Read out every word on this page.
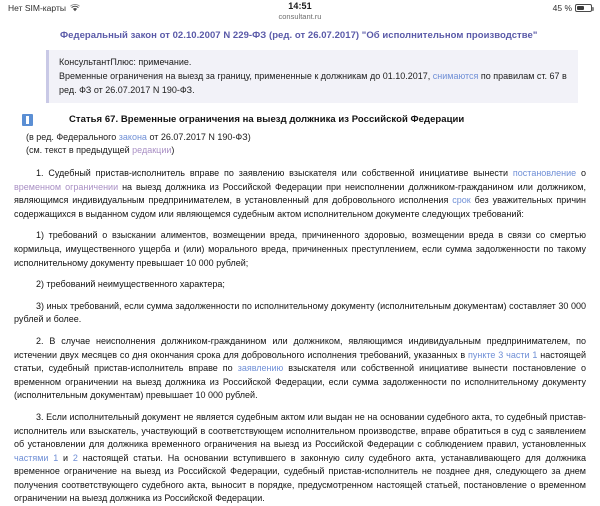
Нет SIM-карты	14:51
consultant.ru
45 %
Федеральный закон от 02.10.2007 N 229-ФЗ (ред. от 26.07.2017) "Об исполнительном производстве"

КонсультантПлюс: примечание.

Временные ограничения на выезд за границу, примененные к должникам до 01.10.2017, снимаются по правилам ст. 67 в ред. ФЗ от 26.07.2017 N 190-ФЗ.

Статья 67. Временные ограничения на выезд должника из Российской Федерации
(в ред. Федерального закона от 26.07.2017 N 190-ФЗ)
(см. текст в предыдущей редакции)

1. Судебный пристав-исполнитель вправе по заявлению взыскателя или собственной инициативе вынести постановление о временном ограничении на выезд должника из Российской Федерации при неисполнении должником-гражданином или должником, являющимся индивидуальным предпринимателем, в установленный для добровольного исполнения срок без уважительных причин содержащихся в выданном судом или являющемся судебным актом исполнительном документе следующих требований:

1) требований о взыскании алиментов, возмещении вреда, причиненного здоровью, возмещении вреда в связи со смертью кормильца, имущественного ущерба и (или) морального вреда, причиненных преступлением, если сумма задолженности по такому исполнительному документу превышает 10 000 рублей;

2) требований неимущественного характера;

3) иных требований, если сумма задолженности по исполнительному документу (исполнительным документам) составляет 30 000 рублей и более.

2. В случае неисполнения должником-гражданином или должником, являющимся индивидуальным предпринимателем, по истечении двух месяцев со дня окончания срока для добровольного исполнения требований, указанных в пункте 3 части 1 настоящей статьи, судебный пристав-исполнитель вправе по заявлению взыскателя или собственной инициативе вынести постановление о временном ограничении на выезд должника из Российской Федерации, если сумма задолженности по исполнительному документу (исполнительным документам) превышает 10 000 рублей.

3. Если исполнительный документ не является судебным актом или выдан не на основании судебного акта, то судебный пристав-исполнитель или взыскатель, участвующий в соответствующем исполнительном производстве, вправе обратиться в суд с заявлением об установлении для должника временного ограничения на выезд из Российской Федерации с соблюдением правил, установленных частями 1 и 2 настоящей статьи. На основании вступившего в законную силу судебного акта, устанавливающего для должника временное ограничение на выезд из Российской Федерации, судебный пристав-исполнитель не позднее дня, следующего за днем получения соответствующего судебного акта, выносит в порядке, предусмотренном настоящей статьей, постановление о временном ограничении на выезд должника из Российской Федерации.
